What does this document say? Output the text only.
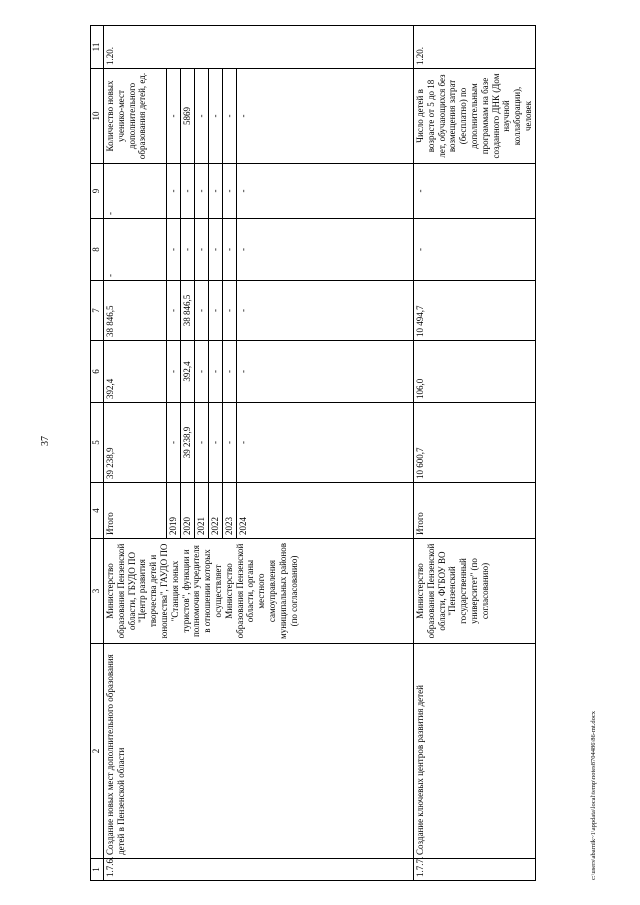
37
c:\users\abarnik~1\appdata\local\temp\notes8704486\86-mt.docx
1	2	3	4	5	6	7	8	9	10	11
1.7.6.	Создание новых мест дополнительного образования детей в Пензенской области	Министерство образования Пензенской области, ГБУДО ПО "Центр развития творчества детей и юношества", ГАУДО ПО "Станция юных туристов", функции и полномочия учредителя в отношении которых осуществляет Министерство образования Пензенской области, органы местного самоуправления муниципальных районов (по согласованию)	Итого	39 238,9	392,4	38 846,5	-	-	Количество новых ученико-мест дополнительного образования детей, ед.	1.20.
			2019	-	-	-	-	-	-	
			2020	39 238,9	392,4	38 846,5	-	-	5869	
			2021	-	-	-	-	-	-	
			2022	-	-	-	-	-	-	
			2023	-	-	-	-	-	-	
			2024	-	-	-	-	-	-	
1.7.7.	Создание ключевых центров развития детей	Министерство образования Пензенской области, ФГБОУ ВО "Пензенский государственный университет" (по согласованию)	Итого	10 600,7	106,0	10 494,7	-	-	Число детей в возрасте от 5 до 18 лет, обучающихся без возмещения затрат (бесплатно) по дополнительным программам на базе созданного ДНК (Дом научной коллаборации), человек	1.20.
